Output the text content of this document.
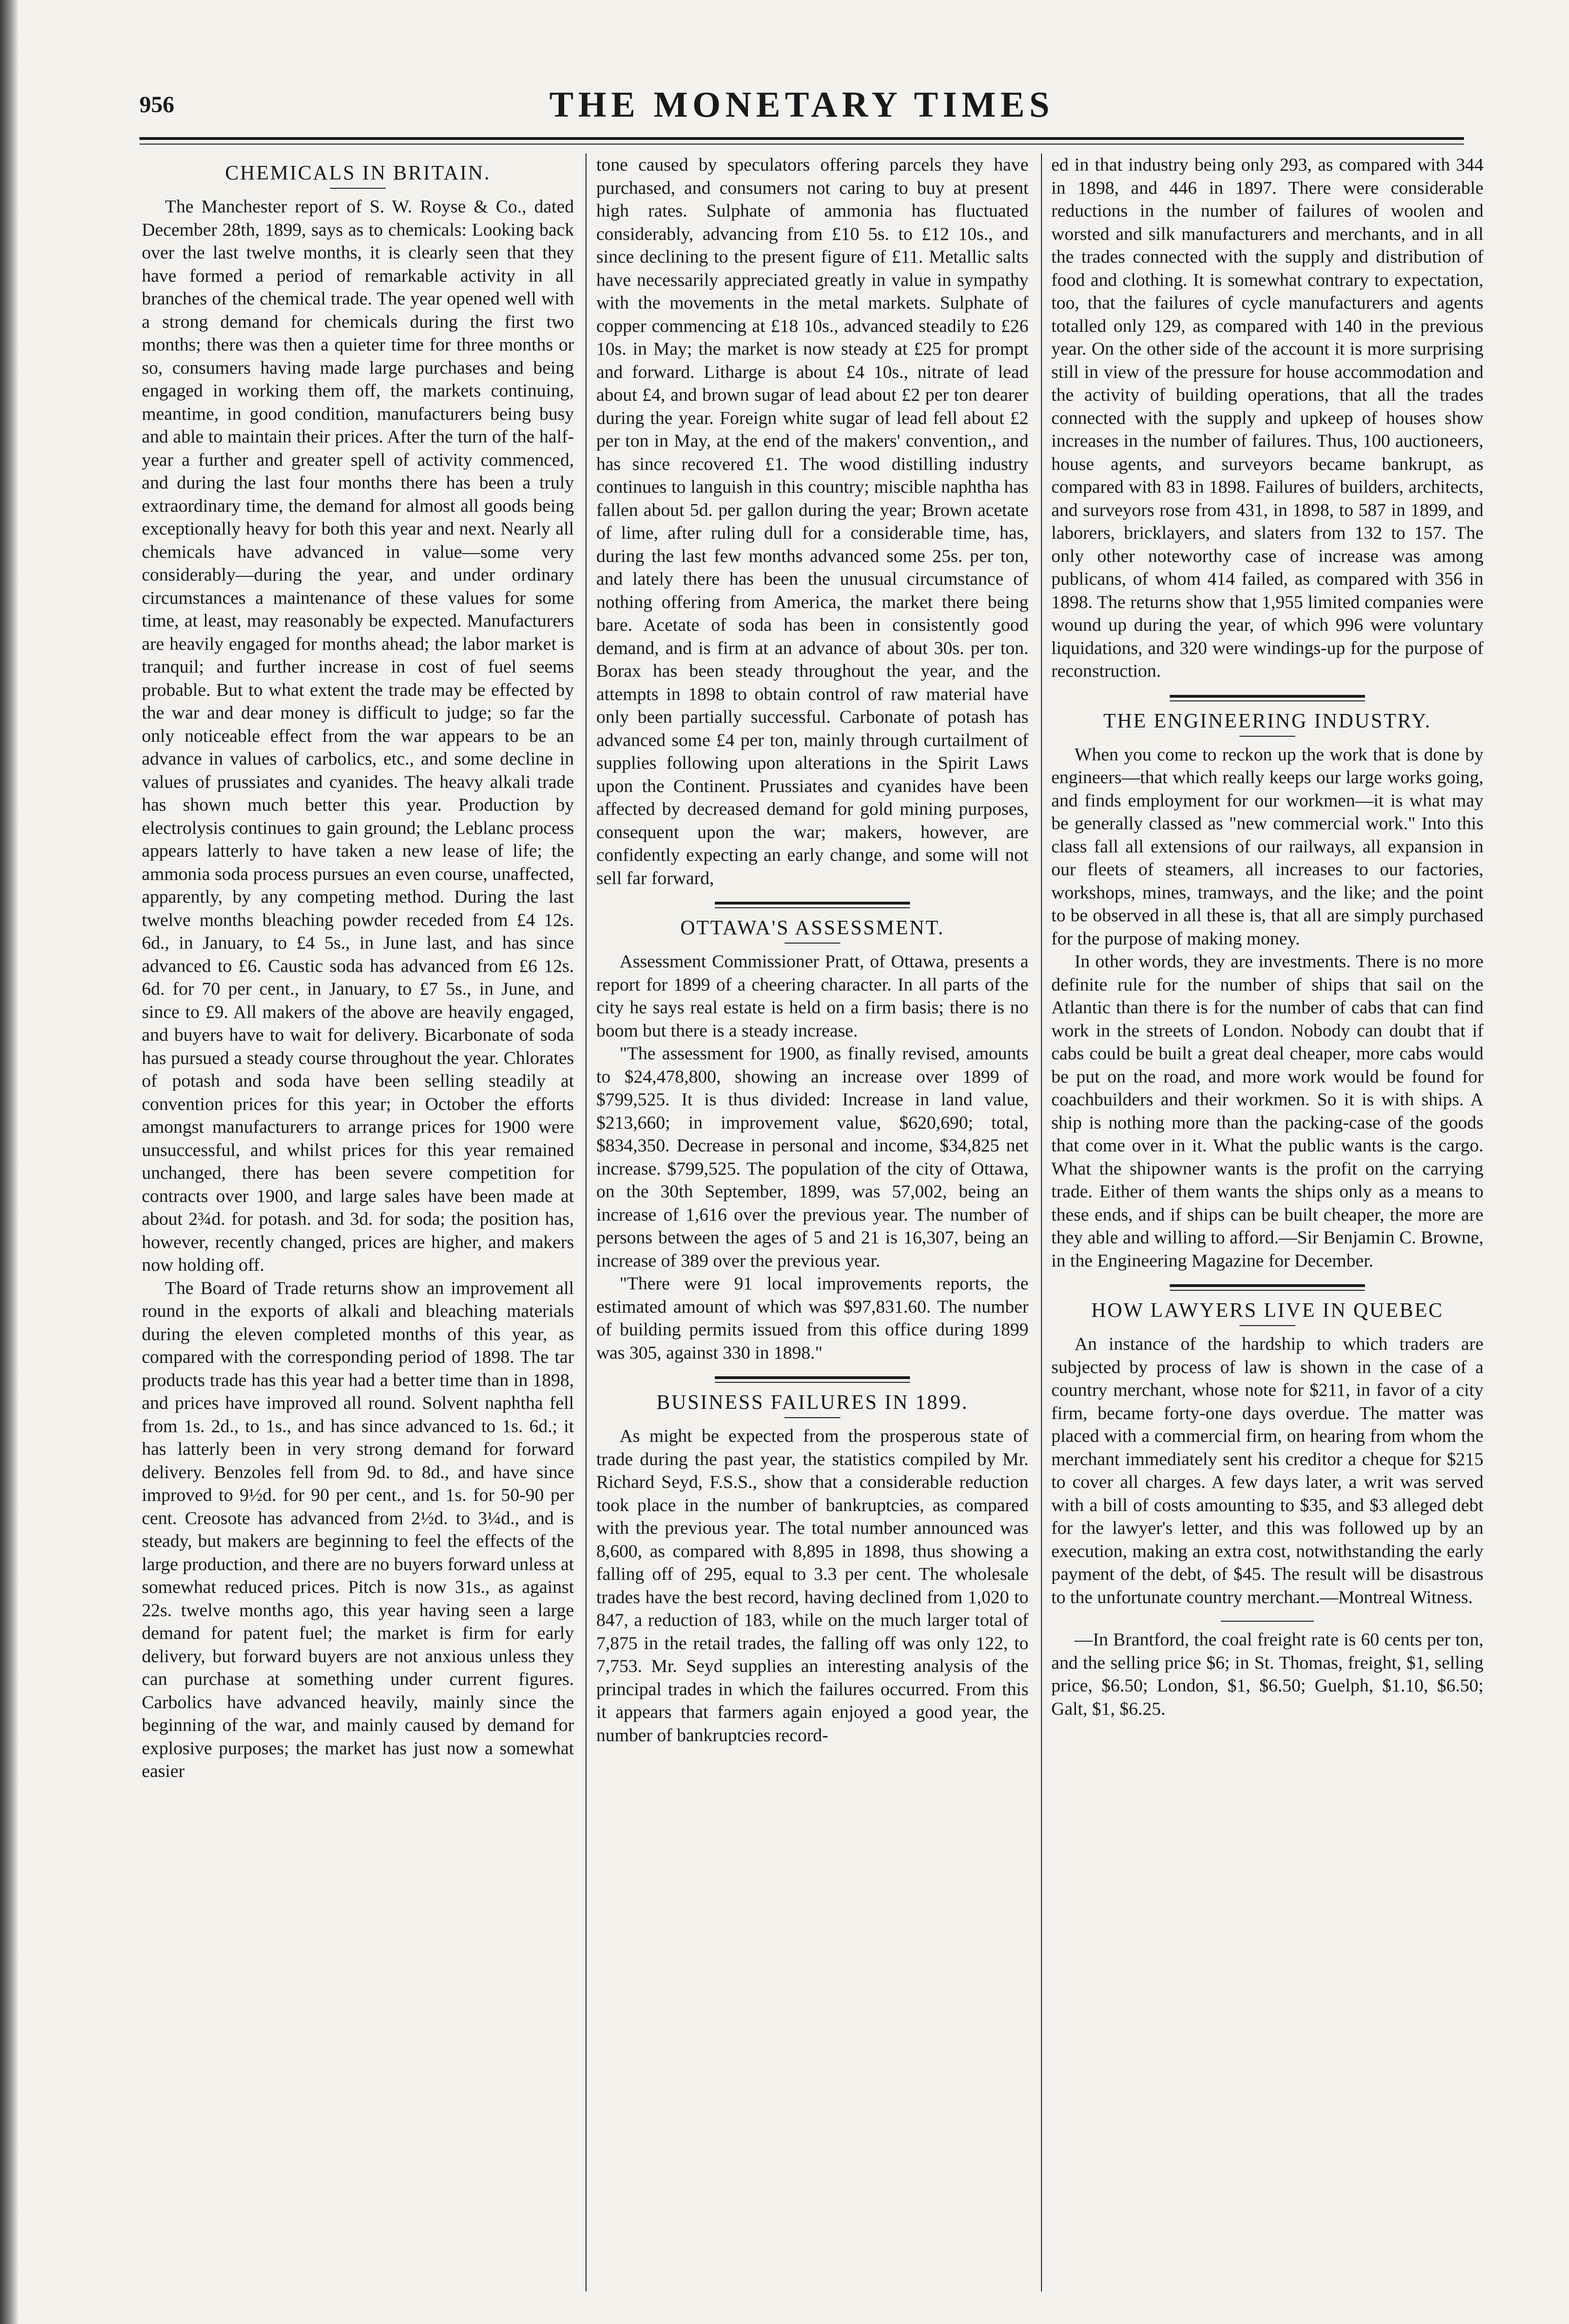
956	THE MONETARY TIMES
CHEMICALS IN BRITAIN.

The Manchester report of S. W. Royse & Co., dated December 28th, 1899, says as to chemicals: Looking back over the last twelve months, it is clearly seen that they have formed a period of remarkable activity in all branches of the chemical trade. The year opened well with a strong demand for chemicals during the first two months; there was then a quieter time for three months or so, consumers having made large purchases and being engaged in working them off, the markets continuing, meantime, in good condition, manufacturers being busy and able to maintain their prices. After the turn of the half-year a further and greater spell of activity commenced, and during the last four months there has been a truly extraordinary time, the demand for almost all goods being exceptionally heavy for both this year and next. Nearly all chemicals have advanced in value—some very considerably—during the year, and under ordinary circumstances a maintenance of these values for some time, at least, may reasonably be expected. Manufacturers are heavily engaged for months ahead; the labor market is tranquil; and further increase in cost of fuel seems probable. But to what extent the trade may be effected by the war and dear money is difficult to judge; so far the only noticeable effect from the war appears to be an advance in values of carbolics, etc., and some decline in values of prussiates and cyanides. The heavy alkali trade has shown much better this year. Production by electrolysis continues to gain ground; the Leblanc process appears latterly to have taken a new lease of life; the ammonia soda process pursues an even course, unaffected, apparently, by any competing method. During the last twelve months bleaching powder receded from £4 12s. 6d., in January, to £4 5s., in June last, and has since advanced to £6. Caustic soda has advanced from £6 12s. 6d. for 70 per cent., in January, to £7 5s., in June, and since to £9. All makers of the above are heavily engaged, and buyers have to wait for delivery. Bicarbonate of soda has pursued a steady course throughout the year. Chlorates of potash and soda have been selling steadily at convention prices for this year; in October the efforts amongst manufacturers to arrange prices for 1900 were unsuccessful, and whilst prices for this year remained unchanged, there has been severe competition for contracts over 1900, and large sales have been made at about 2¾d. for potash. and 3d. for soda; the position has, however, recently changed, prices are higher, and makers now holding off.

The Board of Trade returns show an improvement all round in the exports of alkali and bleaching materials during the eleven completed months of this year, as compared with the corresponding period of 1898. The tar products trade has this year had a better time than in 1898, and prices have improved all round. Solvent naphtha fell from 1s. 2d., to 1s., and has since advanced to 1s. 6d.; it has latterly been in very strong demand for forward delivery. Benzoles fell from 9d. to 8d., and have since improved to 9½d. for 90 per cent., and 1s. for 50-90 per cent. Creosote has advanced from 2½d. to 3¼d., and is steady, but makers are beginning to feel the effects of the large production, and there are no buyers forward unless at somewhat reduced prices. Pitch is now 31s., as against 22s. twelve months ago, this year having seen a large demand for patent fuel; the market is firm for early delivery, but forward buyers are not anxious unless they can purchase at something under current figures. Carbolics have advanced heavily, mainly since the beginning of the war, and mainly caused by demand for explosive purposes; the market has just now a somewhat easier

tone caused by speculators offering parcels they have purchased, and consumers not caring to buy at present high rates. Sulphate of ammonia has fluctuated considerably, advancing from £10 5s. to £12 10s., and since declining to the present figure of £11. Metallic salts have necessarily appreciated greatly in value in sympathy with the movements in the metal markets. Sulphate of copper commencing at £18 10s., advanced steadily to £26 10s. in May; the market is now steady at £25 for prompt and forward. Litharge is about £4 10s., nitrate of lead about £4, and brown sugar of lead about £2 per ton dearer during the year. Foreign white sugar of lead fell about £2 per ton in May, at the end of the makers' convention,, and has since recovered £1. The wood distilling industry continues to languish in this country; miscible naphtha has fallen about 5d. per gallon during the year; Brown acetate of lime, after ruling dull for a considerable time, has, during the last few months advanced some 25s. per ton, and lately there has been the unusual circumstance of nothing offering from America, the market there being bare. Acetate of soda has been in consistently good demand, and is firm at an advance of about 30s. per ton. Borax has been steady throughout the year, and the attempts in 1898 to obtain control of raw material have only been partially successful. Carbonate of potash has advanced some £4 per ton, mainly through curtailment of supplies following upon alterations in the Spirit Laws upon the Continent. Prussiates and cyanides have been affected by decreased demand for gold mining purposes, consequent upon the war; makers, however, are confidently expecting an early change, and some will not sell far forward,

OTTAWA'S ASSESSMENT.

Assessment Commissioner Pratt, of Ottawa, presents a report for 1899 of a cheering character. In all parts of the city he says real estate is held on a firm basis; there is no boom but there is a steady increase.

"The assessment for 1900, as finally revised, amounts to $24,478,800, showing an increase over 1899 of $799,525. It is thus divided: Increase in land value, $213,660; in improvement value, $620,690; total, $834,350. Decrease in personal and income, $34,825 net increase. $799,525. The population of the city of Ottawa, on the 30th September, 1899, was 57,002, being an increase of 1,616 over the previous year. The number of persons between the ages of 5 and 21 is 16,307, being an increase of 389 over the previous year.

"There were 91 local improvements reports, the estimated amount of which was $97,831.60. The number of building permits issued from this office during 1899 was 305, against 330 in 1898."

BUSINESS FAILURES IN 1899.

As might be expected from the prosperous state of trade during the past year, the statistics compiled by Mr. Richard Seyd, F.S.S., show that a considerable reduction took place in the number of bankruptcies, as compared with the previous year. The total number announced was 8,600, as compared with 8,895 in 1898, thus showing a falling off of 295, equal to 3.3 per cent. The wholesale trades have the best record, having declined from 1,020 to 847, a reduction of 183, while on the much larger total of 7,875 in the retail trades, the falling off was only 122, to 7,753. Mr. Seyd supplies an interesting analysis of the principal trades in which the failures occurred. From this it appears that farmers again enjoyed a good year, the number of bankruptcies record-

ed in that industry being only 293, as compared with 344 in 1898, and 446 in 1897. There were considerable reductions in the number of failures of woolen and worsted and silk manufacturers and merchants, and in all the trades connected with the supply and distribution of food and clothing. It is somewhat contrary to expectation, too, that the failures of cycle manufacturers and agents totalled only 129, as compared with 140 in the previous year. On the other side of the account it is more surprising still in view of the pressure for house accommodation and the activity of building operations, that all the trades connected with the supply and upkeep of houses show increases in the number of failures. Thus, 100 auctioneers, house agents, and surveyors became bankrupt, as compared with 83 in 1898. Failures of builders, architects, and surveyors rose from 431, in 1898, to 587 in 1899, and laborers, bricklayers, and slaters from 132 to 157. The only other noteworthy case of increase was among publicans, of whom 414 failed, as compared with 356 in 1898. The returns show that 1,955 limited companies were wound up during the year, of which 996 were voluntary liquidations, and 320 were windings-up for the purpose of reconstruction.

THE ENGINEERING INDUSTRY.

When you come to reckon up the work that is done by engineers—that which really keeps our large works going, and finds employment for our workmen—it is what may be generally classed as "new commercial work." Into this class fall all extensions of our railways, all expansion in our fleets of steamers, all increases to our factories, workshops, mines, tramways, and the like; and the point to be observed in all these is, that all are simply purchased for the purpose of making money.

In other words, they are investments. There is no more definite rule for the number of ships that sail on the Atlantic than there is for the number of cabs that can find work in the streets of London. Nobody can doubt that if cabs could be built a great deal cheaper, more cabs would be put on the road, and more work would be found for coachbuilders and their workmen. So it is with ships. A ship is nothing more than the packing-case of the goods that come over in it. What the public wants is the cargo. What the shipowner wants is the profit on the carrying trade. Either of them wants the ships only as a means to these ends, and if ships can be built cheaper, the more are they able and willing to afford.—Sir Benjamin C. Browne, in the Engineering Magazine for December.

HOW LAWYERS LIVE IN QUEBEC

An instance of the hardship to which traders are subjected by process of law is shown in the case of a country merchant, whose note for $211, in favor of a city firm, became forty-one days overdue. The matter was placed with a commercial firm, on hearing from whom the merchant immediately sent his creditor a cheque for $215 to cover all charges. A few days later, a writ was served with a bill of costs amounting to $35, and $3 alleged debt for the lawyer's letter, and this was followed up by an execution, making an extra cost, notwithstanding the early payment of the debt, of $45. The result will be disastrous to the unfortunate country merchant.—Montreal Witness.

—In Brantford, the coal freight rate is 60 cents per ton, and the selling price $6; in St. Thomas, freight, $1, selling price, $6.50; London, $1, $6.50; Guelph, $1.10, $6.50; Galt, $1, $6.25.
